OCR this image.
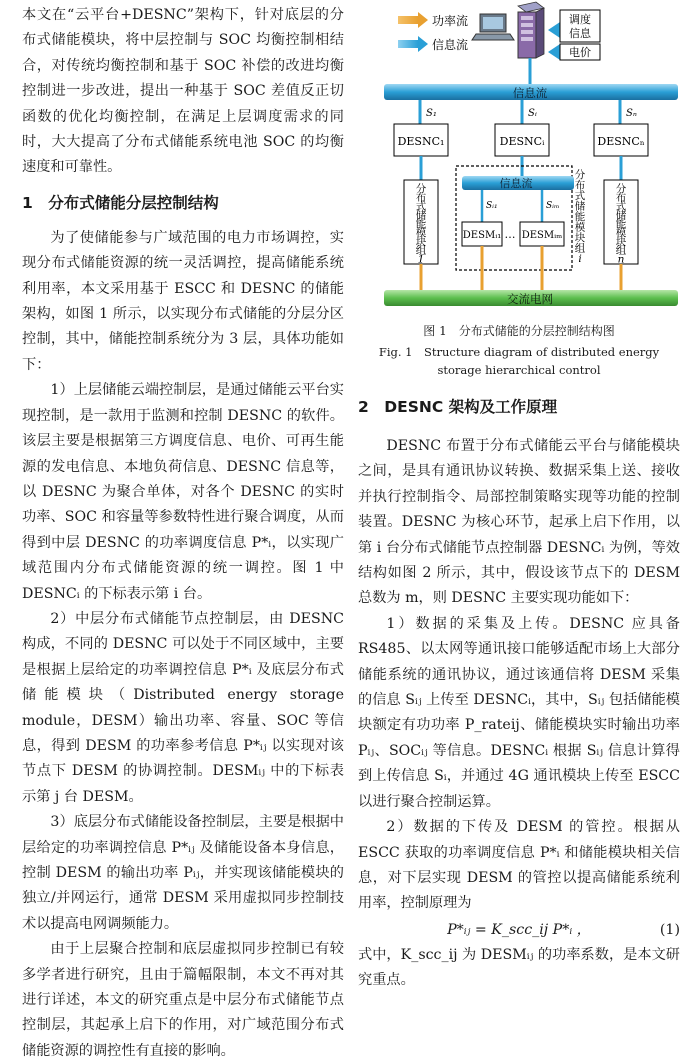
本文在“云平台+DESNC”架构下，针对底层的分布式储能模块，将中层控制与 SOC 均衡控制相结合，对传统均衡控制和基于 SOC 补偿的改进均衡控制进一步改进，提出一种基于 SOC 差值反正切函数的优化均衡控制，在满足上层调度需求的同时，大大提高了分布式储能系统电池 SOC 的均衡速度和可靠性。

1　分布式储能分层控制结构

为了使储能参与广域范围的电力市场调控，实现分布式储能资源的统一灵活调控，提高储能系统利用率，本文采用基于 ESCC 和 DESNC 的储能架构，如图 1 所示，以实现分布式储能的分层分区控制，其中，储能控制系统分为 3 层，具体功能如下：

1）上层储能云端控制层，是通过储能云平台实现控制，是一款用于监测和控制 DESNC 的软件。该层主要是根据第三方调度信息、电价、可再生能源的发电信息、本地负荷信息、DESNC 信息等，以 DESNC 为聚合单体，对各个 DESNC 的实时功率、SOC 和容量等参数特性进行聚合调度，从而得到中层 DESNC 的功率调度信息 P*ᵢ，以实现广域范围内分布式储能资源的统一调控。图 1 中 DESNCᵢ 的下标表示第 i 台。

2）中层分布式储能节点控制层，由 DESNC 构成，不同的 DESNC 可以处于不同区域中，主要是根据上层给定的功率调控信息 P*ᵢ 及底层分布式储能模块（Distributed energy storage module，DESM）输出功率、容量、SOC 等信息，得到 DESM 的功率参考信息 P*ᵢⱼ 以实现对该节点下 DESM 的协调控制。DESMᵢⱼ 中的下标表示第 j 台 DESM。

3）底层分布式储能设备控制层，主要是根据中层给定的功率调控信息 P*ᵢⱼ 及储能设备本身信息，控制 DESM 的输出功率 Pᵢⱼ，并实现该储能模块的独立/并网运行，通常 DESM 采用虚拟同步控制技术以提高电网调频能力。

由于上层聚合控制和底层虚拟同步控制已有较多学者进行研究，且由于篇幅限制，本文不再对其进行详述，本文的研究重点是中层分布式储能节点控制层，其起承上启下的作用，对广域范围分布式储能资源的调控性有直接的影响。

功率流
信息流
调度
信息
电价
信息流
S₁	Sᵢ	Sₙ
DESNC₁	DESNCᵢ	DESNCₙ
分
布
式
储
能
模
块
组
1
分
布
式
储
能
模
块
组
n
信息流
Sᵢ₁	Sᵢₘ
DESMᵢ₁ … DESMᵢₘ
分
布
式
储
能
模
块
组
i
交流电网

图 1　分布式储能的分层控制结构图

Fig. 1　Structure diagram of distributed energy

storage hierarchical control

2　DESNC 架构及工作原理

DESNC 布置于分布式储能云平台与储能模块之间，是具有通讯协议转换、数据采集上送、接收并执行控制指令、局部控制策略实现等功能的控制装置。DESNC 为核心环节，起承上启下作用，以第 i 台分布式储能节点控制器 DESNCᵢ 为例，等效结构如图 2 所示，其中，假设该节点下的 DESM 总数为 m，则 DESNC 主要实现功能如下：

1）数据的采集及上传。DESNC 应具备 RS485、以太网等通讯接口能够适配市场上大部分储能系统的通讯协议，通过该通信将 DESM 采集的信息 Sᵢⱼ 上传至 DESNCᵢ，其中，Sᵢⱼ 包括储能模块额定有功功率 P_rateij、储能模块实时输出功率 Pᵢⱼ、SOCᵢⱼ 等信息。DESNCᵢ 根据 Sᵢⱼ 信息计算得到上传信息 Sᵢ，并通过 4G 通讯模块上传至 ESCC 以进行聚合控制运算。

2）数据的下传及 DESM 的管控。根据从 ESCC 获取的功率调度信息 P*ᵢ 和储能模块相关信息，对下层实现 DESM 的管控以提高储能系统利用率，控制原理为

P*ᵢⱼ = K_scc_ij P*ᵢ ，	(1)

式中，K_scc_ij 为 DESMᵢⱼ 的功率系数，是本文研究重点。
